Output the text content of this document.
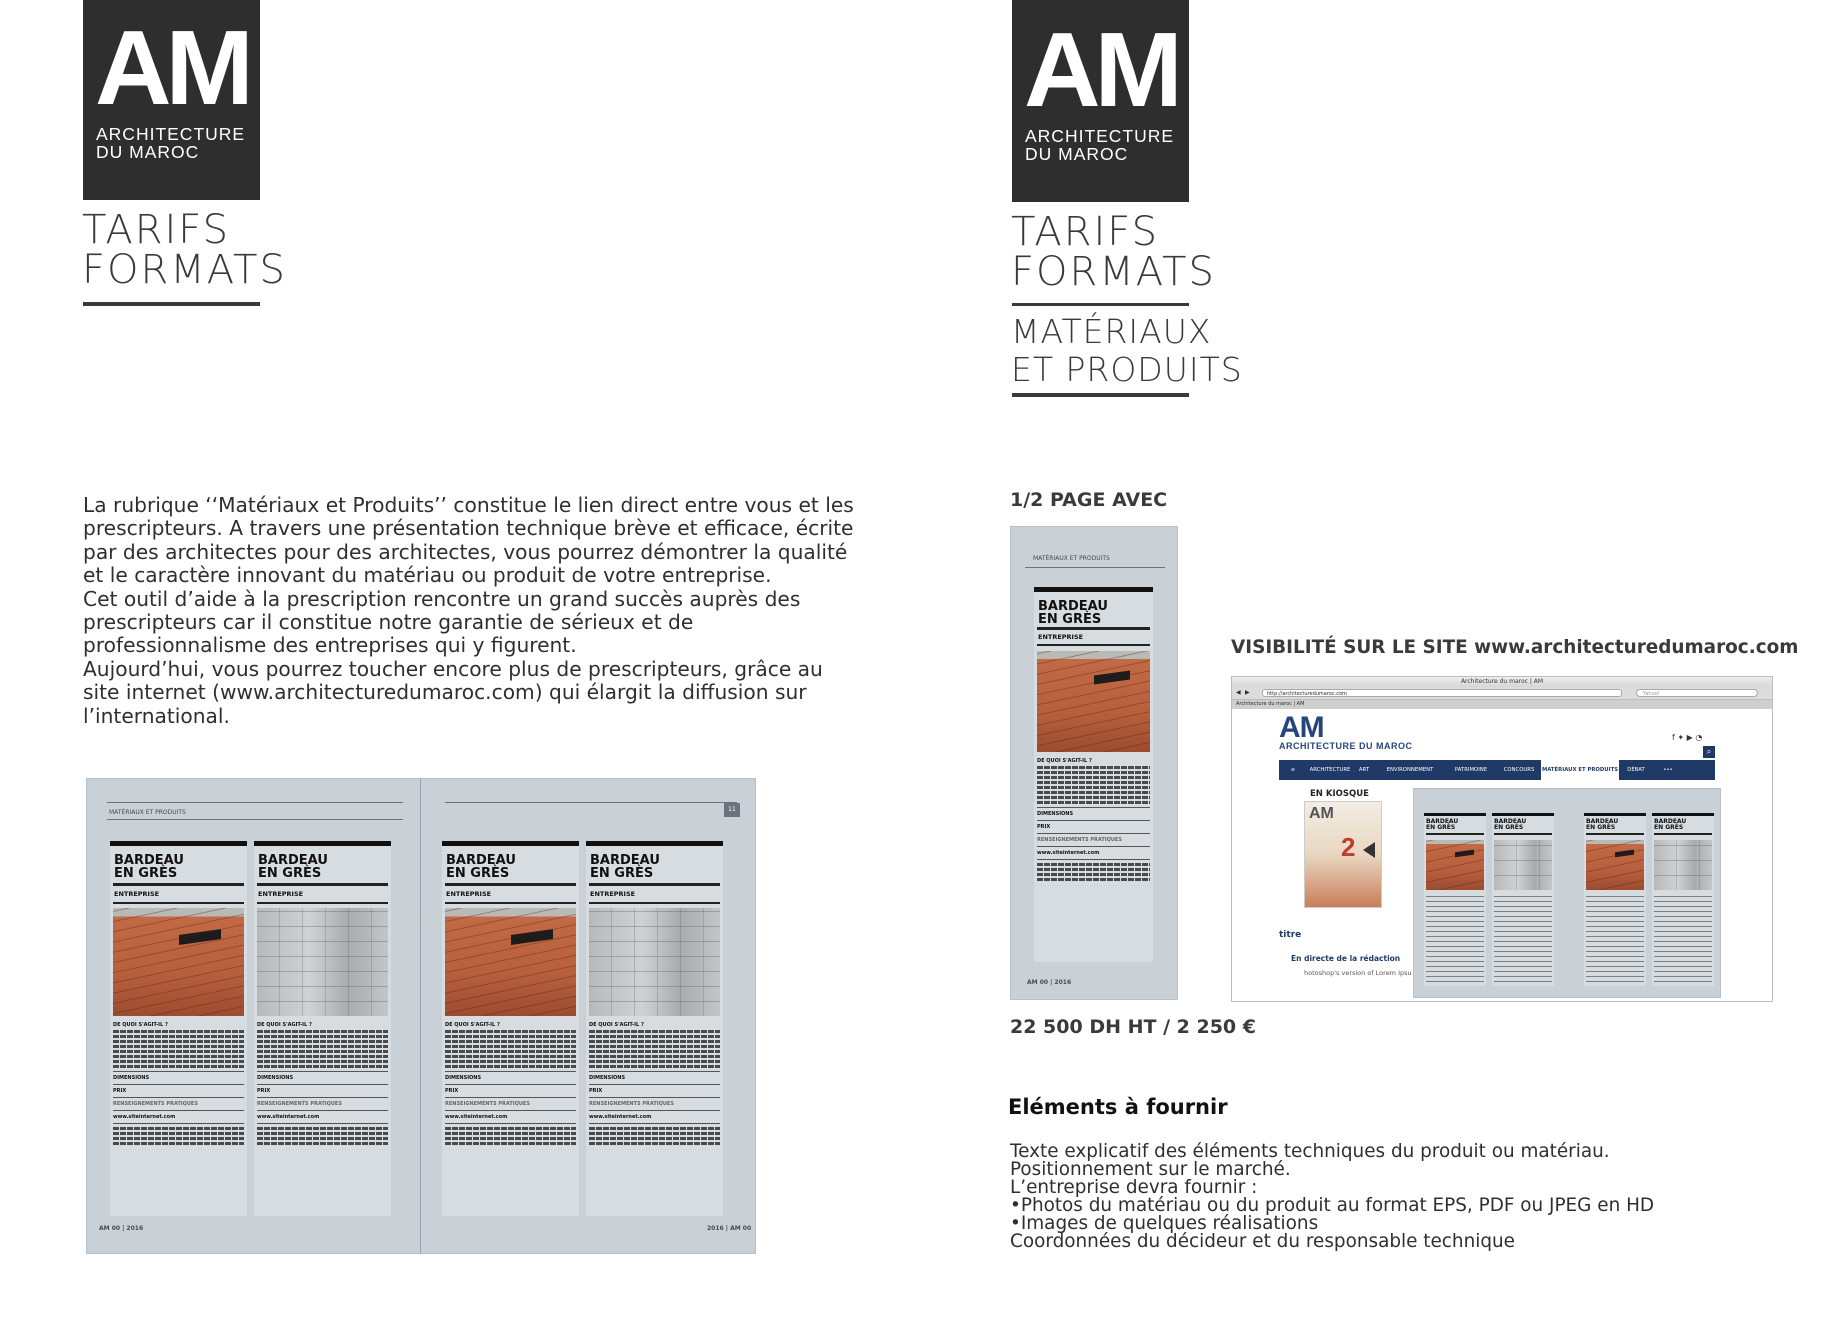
AM
ARCHITECTURE
DU MAROC
TARIFS
FORMATS

La rubrique ‘‘Matériaux et Produits’’ constitue le lien direct entre vous et les prescripteurs. A travers une présentation technique brève et efficace, écrite par des architectes pour des architectes, vous pourrez démontrer la qualité et le caractère innovant du matériau ou produit de votre entreprise.

Cet outil d’aide à la prescription rencontre un grand succès auprès des prescripteurs car il constitue notre garantie de sérieux et de professionnalisme des entreprises qui y figurent.

Aujourd’hui, vous pourrez toucher encore plus de prescripteurs, grâce au site internet (www.architecturedumaroc.com) qui élargit la diffusion sur l’international.

MATÉRIAUX ET PRODUITS	11
BARDEAU
EN GRÈS
ENTREPRISE
DE QUOI S'AGIT-IL ?
DIMENSIONS
PRIX
RENSEIGNEMENTS PRATIQUES
www.siteinternet.com
BARDEAU
EN GRÈS
ENTREPRISE
DE QUOI S'AGIT-IL ?
DIMENSIONS
PRIX
RENSEIGNEMENTS PRATIQUES
www.siteinternet.com
BARDEAU
EN GRÈS
ENTREPRISE
DE QUOI S'AGIT-IL ?
DIMENSIONS
PRIX
RENSEIGNEMENTS PRATIQUES
www.siteinternet.com
BARDEAU
EN GRÈS
ENTREPRISE
DE QUOI S'AGIT-IL ?
DIMENSIONS
PRIX
RENSEIGNEMENTS PRATIQUES
www.siteinternet.com
AM 00 | 2016	2016 | AM 00
AM
ARCHITECTURE
DU MAROC
TARIFS
FORMATS
MATÉRIAUX
ET PRODUITS
1/2 PAGE AVEC
MATÉRIAUX ET PRODUITS
BARDEAU
EN GRÈS
ENTREPRISE
DE QUOI S'AGIT-IL ?
DIMENSIONS
PRIX
RENSEIGNEMENTS PRATIQUES
www.siteinternet.com
AM 00 | 2016
22 500 DH HT / 2 250 €
VISIBILITÉ SUR LE SITE www.architecturedumaroc.com

Architecture du maroc | AM
◀ ▶	http://architecturedumaroc.com	Yahoo!
Architecture du maroc | AM
AM
ARCHITECTURE DU MAROC
f ✦ ▶ ◔
⌕
≡	ARCHITECTURE	ART	ENVIRONNEMENT	PATRIMOINE	CONCOURS	MATÉRIAUX ET PRODUITS	DÉBAT	•••
EN KIOSQUE
AM
2
titre
En directe de la rédaction
hotoshop's version of Lorem Ipsu
BARDEAU
EN GRÈS
BARDEAU
EN GRÈS
BARDEAU
EN GRÈS
BARDEAU
EN GRÈS
Eléments à fournir

Texte explicatif des éléments techniques du produit ou matériau. Positionnement sur le marché.

L’entreprise devra fournir :

•Photos du matériau ou du produit au format EPS, PDF ou JPEG en HD

•Images de quelques réalisations

Coordonnées du décideur et du responsable technique
